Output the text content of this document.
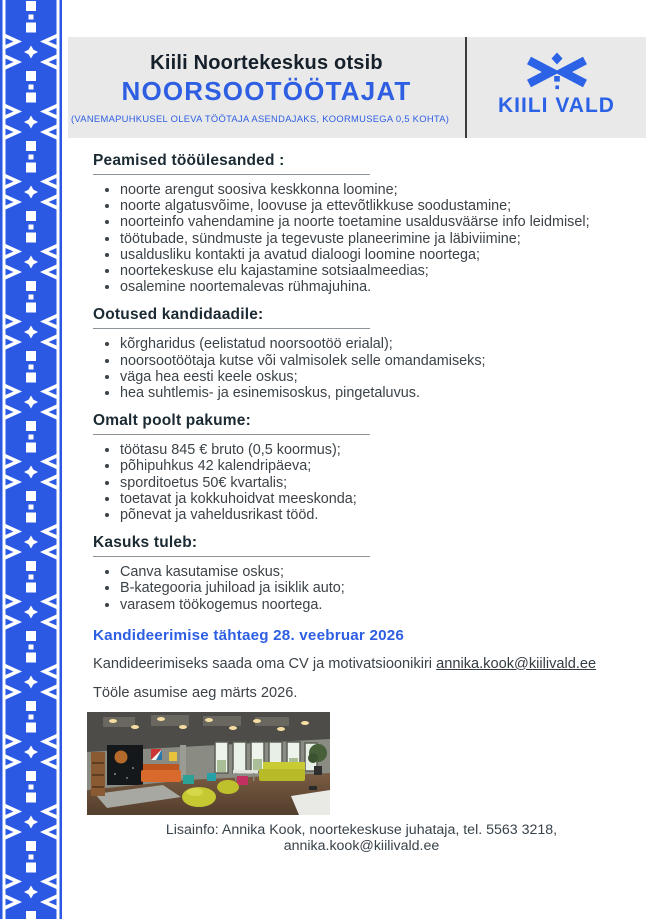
Kiili Noortekeskus otsib
NOORSOOTÖÖTAJAT
(VANEMAPUHKUSEL OLEVA TÖÖTAJA ASENDAJAKS, KOORMUSEGA 0,5 KOHTA)
KIILI VALD
Peamised tööülesanded :
• noorte arengut soosiva keskkonna loomine;
• noorte algatusvõime, loovuse ja ettevõtlikkuse soodustamine;
• noorteinfo vahendamine ja noorte toetamine usaldusväärse info leidmisel;
• töötubade, sündmuste ja tegevuste planeerimine ja läbiviimine;
• usaldusliku kontakti ja avatud dialoogi loomine noortega;
• noortekeskuse elu kajastamine sotsiaalmeedias;
• osalemine noortemalevas rühmajuhina.
Ootused kandidaadile:
• kõrgharidus (eelistatud noorsootöö erialal);
• noorsootöötaja kutse või valmisolek selle omandamiseks;
• väga hea eesti keele oskus;
• hea suhtlemis- ja esinemisoskus, pingetaluvus.
Omalt poolt pakume:
• töötasu 845 € bruto (0,5 koormus);
• põhipuhkus 42 kalendripäeva;
• sporditoetus 50€ kvartalis;
• toetavat ja kokkuhoidvat meeskonda;
• põnevat ja vaheldusrikast tööd.
Kasuks tuleb:
• Canva kasutamise oskus;
• B-kategooria juhiload ja isiklik auto;
• varasem töökogemus noortega.

Kandideerimise tähtaeg 28. veebruar 2026

Kandideerimiseks saada oma CV ja motivatsioonikiri annika.kook@kiilivald.ee

Tööle asumise aeg märts 2026.

Lisainfo: Annika Kook, noortekeskuse juhataja, tel. 5563 3218,
annika.kook@kiilivald.ee
